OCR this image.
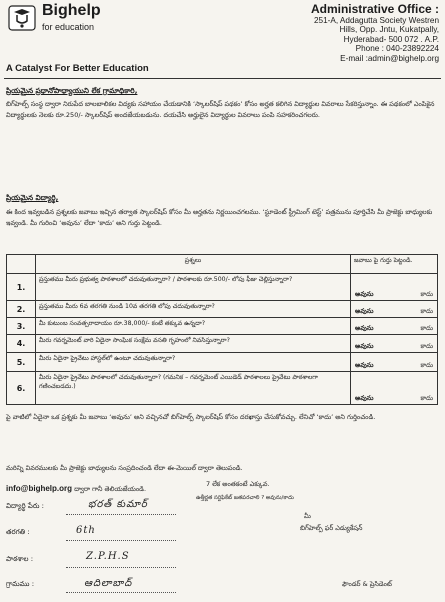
Bighelp
for education
A Catalyst For Better Education
Administrative Office :
251-A, Addagutta Society Westren
Hills, Opp. Jntu, Kukatpally,
Hyderabad- 500 072 . A.P.
Phone : 040-23892224
E-mail :admin@bighelp.org
ప్రియమైన ప్రధానోపాధ్యాయుని లేక గ్రామాధికారి,
బిగ్‌హెల్ప్ సంస్థ ద్వారా నిరుపేద బాలబాలికల విద్యకు సహాయం చేయడానికి ‘స్కాలర్‌షిప్ పథకం’ కోసం అర్హత కలిగిన విద్యార్థుల వివరాలు సేకరిస్తున్నాం. ఈ పథకంలో ఎంపికైన విద్యార్థులకు నెలకు రూ.250/- స్కాలర్‌షిప్ అందజేయబడును. దయచేసి అర్హులైన విద్యార్థుల వివరాలు పంపి సహకరించగలరు.
ప్రియమైన విద్యార్థి,
ఈ కింద ఇవ్వబడిన ప్రశ్నలకు జవాబు ఇచ్చిన తర్వాత స్కాలర్‌షిప్ కోసం మీ అర్హతను నిర్ణయించగలము. ‘స్టూడెంట్ స్ట్రీమింగ్ టెస్ట్’ పత్రమును పూర్తిచేసి మీ ప్రాజెక్టు బాధ్యులకు ఇవ్వండి. మీ గురించి ‘అవును’ లేదా ‘కాదు’ అని గుర్తు పెట్టండి.
	ప్రశ్నలు	జవాబు పై గుర్తు పెట్టండి.
1.	ప్రస్తుతము మీరు ప్రభుత్వ పాఠశాలలో చదువుతున్నారా? / పాఠశాలకు రూ.500/- లోపు ఫీజు చెల్లిస్తున్నారా?	అవును కాదు

2.	ప్రస్తుతము మీరు 6వ తరగతి నుండి 10వ తరగతి లోపు చదువుతున్నారా?	అవును కాదు

3.	మీ కుటుంబ సంవత్సరాదాయం రూ.38,000/- కంటే తక్కువ ఉన్నదా?	అవును కాదు

4.	మీరు గవర్నమెంట్ వారి ఏదైనా సాంఘిక సంక్షేమ వసతి గృహంలో నివసిస్తున్నారా?	అవును కాదు

5.	మీరు ఏదైనా ప్రైవేటు హాస్టల్‌లో ఉంటూ చదువుతున్నారా?	అవును కాదు

6.	మీరు ఏదైనా ప్రైవేటు పాఠశాలలో చదువుతున్నారా? (గమనిక – గవర్నమెంట్ ఎయిడెడ్ పాఠశాలలు ప్రైవేటు పాఠశాలగా గణించబడదు.)	అవును కాదు
పై వాటిలో ఏదైనా ఒక ప్రశ్నకు మీ జవాబు ‘అవును’ అని వచ్చినచో బిగ్‌హెల్ప్ స్కాలర్‌షిప్ కోసం దరఖాస్తు చేసుకోవచ్చు. లేనిచో ‘కాదు’ అని గుర్తించండి.
మరిన్ని వివరములకు మీ ప్రాజెక్టు బాధ్యులను సంప్రదించండి లేదా ఈ-మెయిల్ ద్వారా తెలుపండి.
info@bighelp.org ద్వారా గానీ తెలియజేయండి.
7 లేక అంతకంటే ఎక్కువ.
ఉత్తీర్ణత సర్టిఫికేట్ జతపరచాలి ? అవును/కాదు
విద్యార్థి పేరు :	భరత్ కుమార్
తరగతి :	6th
పాఠశాల :	Z.P.H.S
గ్రామము :	ఆదిలాబాద్
మీ
బిగ్‌హెల్ప్ ఫర్ ఎడ్యుకేషన్
ఫౌండర్ & ప్రెసిడెంట్
